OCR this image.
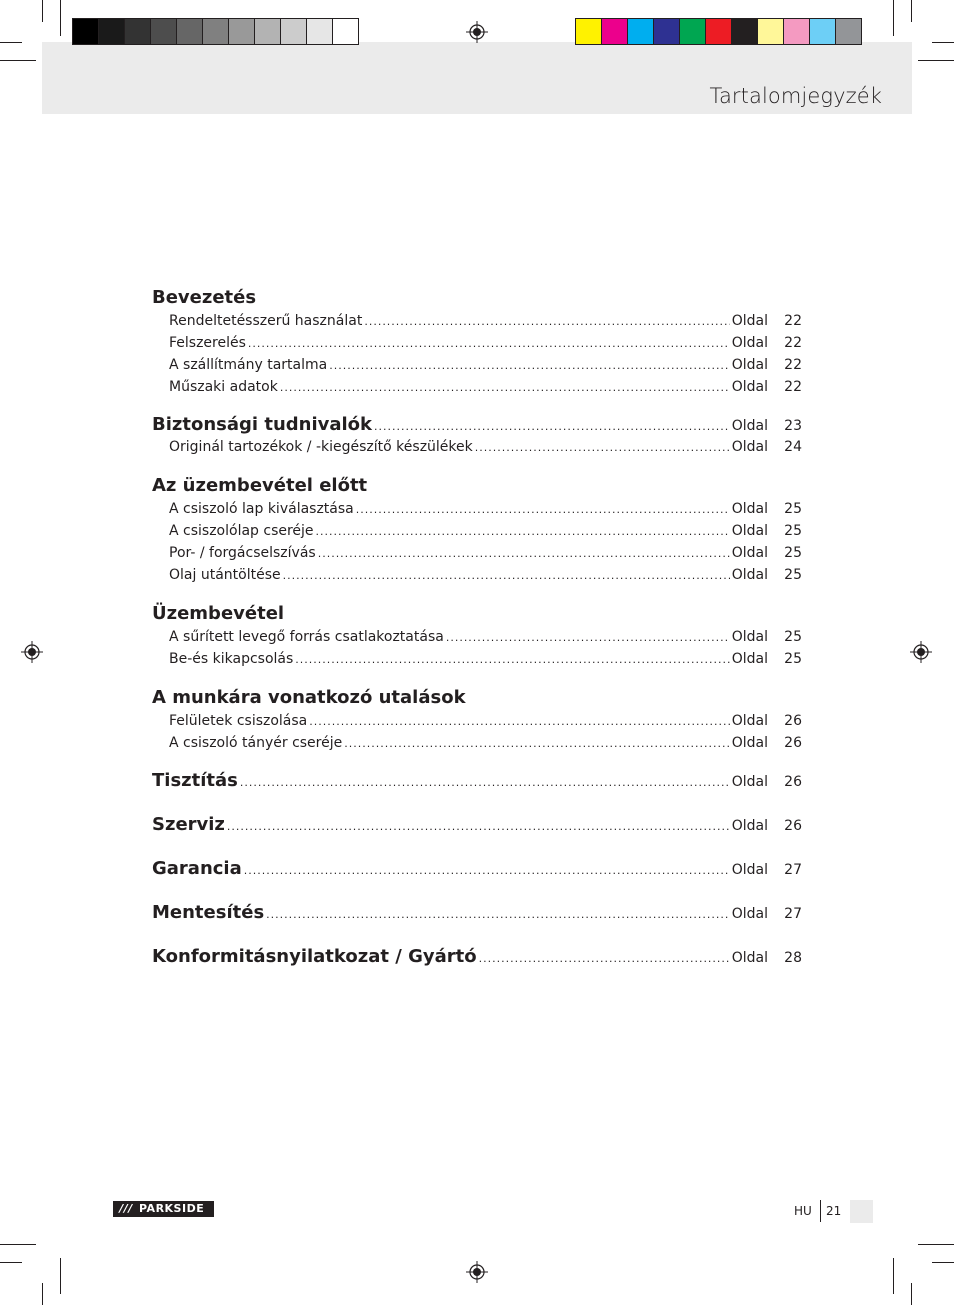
Tartalomjegyzék
Bevezetés
Rendeltetésszerű használat .....	Oldal	22
Felszerelés .....	Oldal	22
A szállítmány tartalma .....	Oldal	22
Műszaki adatok .....	Oldal	22
Biztonsági tudnivalók .....	Oldal	23
Originál tartozékok / -kiegészítő készülékek .....	Oldal	24
Az üzembevétel előtt
A csiszoló lap kiválasztása .....	Oldal	25
A csiszolólap cseréje .....	Oldal	25
Por- / forgácselszívás .....	Oldal	25
Olaj utántöltése .....	Oldal	25
Üzembevétel
A sűrített levegő forrás csatlakoztatása .....	Oldal	25
Be-és kikapcsolás .....	Oldal	25
A munkára vonatkozó utalások
Felületek csiszolása .....	Oldal	26
A csiszoló tányér cseréje .....	Oldal	26
Tisztítás .....	Oldal	26
Szerviz .....	Oldal	26
Garancia .....	Oldal	27
Mentesítés .....	Oldal	27
Konformitásnyilatkozat / Gyártó .....	Oldal	28
/// PARKSIDE	HU 21
